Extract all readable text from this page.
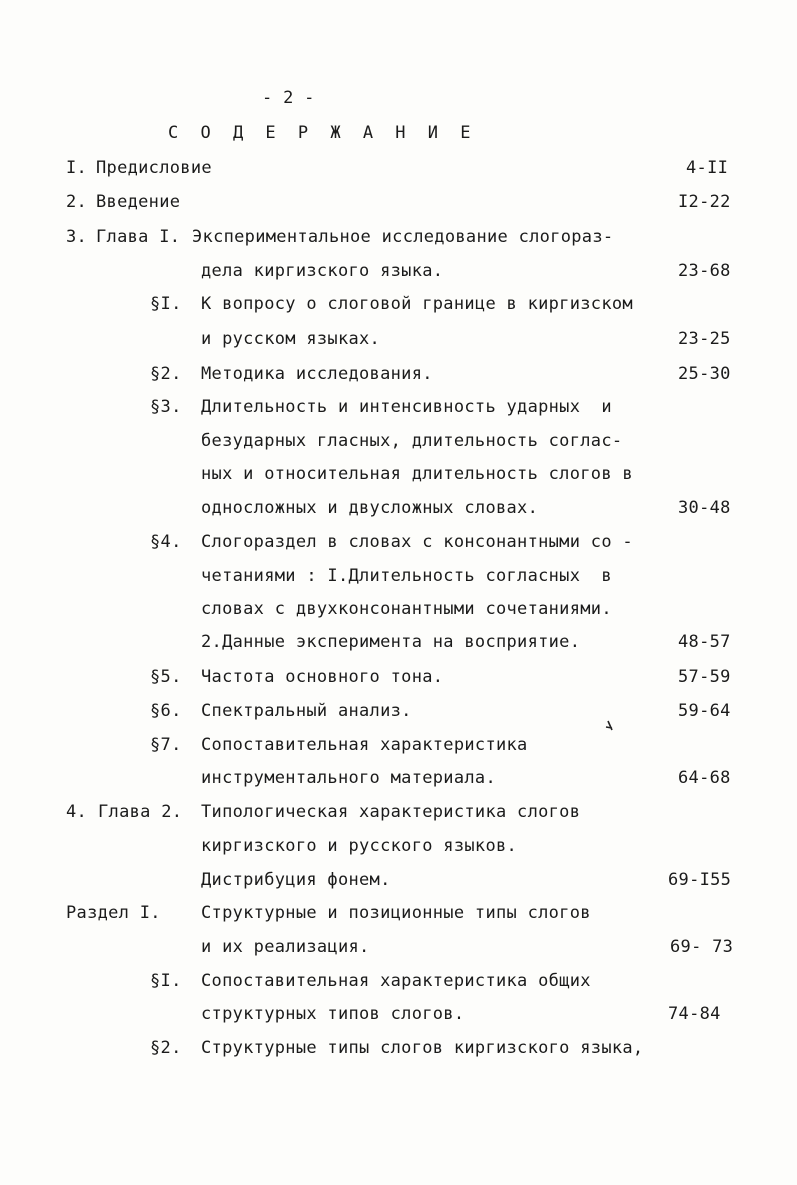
- 2 -
С О Д Е Р Ж А Н И Е
I. Предисловие	4-II
2. Введение	I2-22
3. Глава I. Экспериментальное исследование слогораз-
дела киргизского языка.	23-68
§I. К вопросу о слоговой границе в киргизском
и русском языках.	23-25
§2. Методика исследования.	25-30
§3. Длительность и интенсивность ударных  и
безударных гласных, длительность соглас-
ных и относительная длительность слогов в
односложных и двусложных словах.	30-48
§4. Слогораздел в словах с консонантными со -
четаниями : I.Длительность согласных  в
словах с двухконсонантными сочетаниями.
2.Данные эксперимента на восприятие.	48-57
§5. Частота основного тона.	57-59
§6. Спектральный анализ.	59-64
§7. Сопоставительная характеристика
инструментального материала.	64-68
4. Глава 2. Типологическая характеристика слогов
киргизского и русского языков.
Дистрибуция фонем.	69-I55
Раздел I. Структурные и позиционные типы слогов
и их реализация.	69- 73
§I. Сопоставительная характеристика общих
структурных типов слогов.	74-84
§2. Структурные типы слогов киргизского языка,
